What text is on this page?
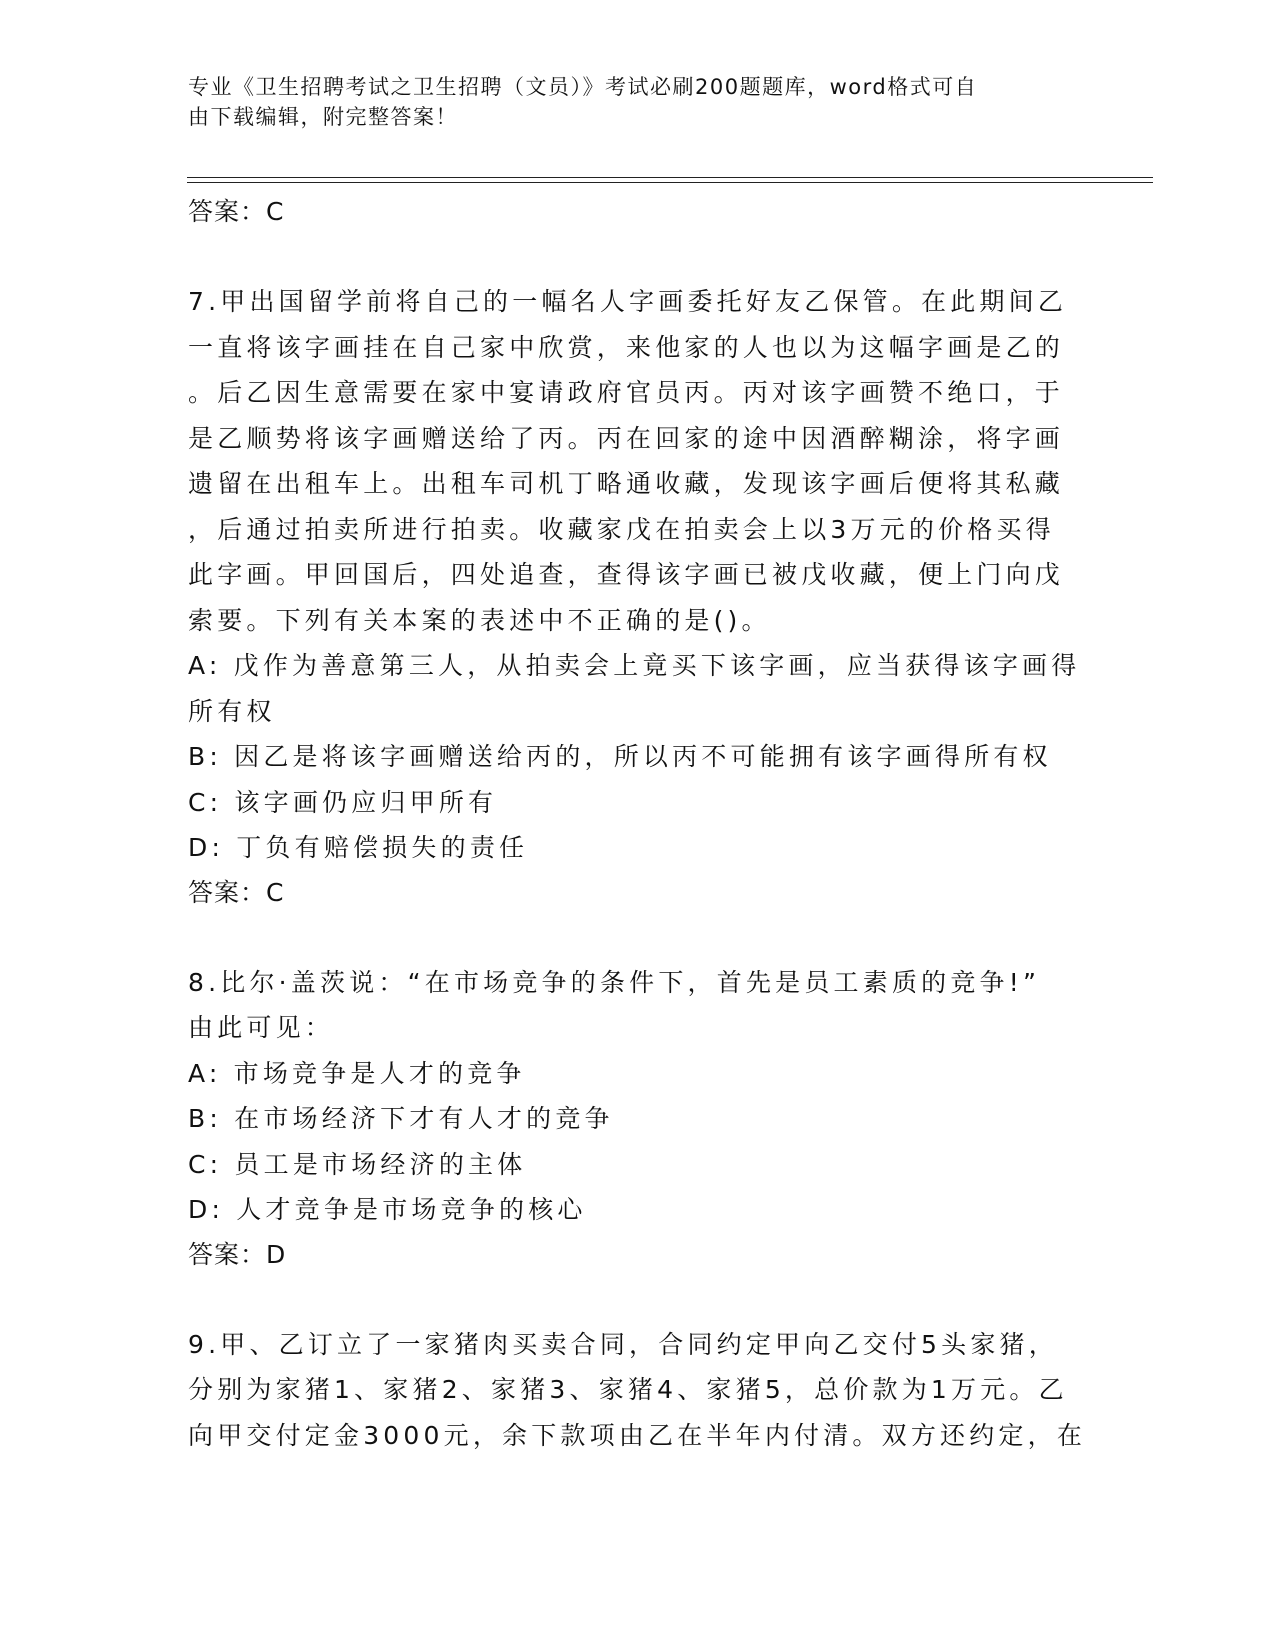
专业《卫生招聘考试之卫生招聘（文员）》考试必刷200题题库，word格式可自
由下载编辑，附完整答案！

答案：C

7.甲出国留学前将自己的一幅名人字画委托好友乙保管。在此期间乙

一直将该字画挂在自己家中欣赏，来他家的人也以为这幅字画是乙的

。后乙因生意需要在家中宴请政府官员丙。丙对该字画赞不绝口，于

是乙顺势将该字画赠送给了丙。丙在回家的途中因酒醉糊涂，将字画

遗留在出租车上。出租车司机丁略通收藏，发现该字画后便将其私藏

，后通过拍卖所进行拍卖。收藏家戊在拍卖会上以3万元的价格买得

此字画。甲回国后，四处追查，查得该字画已被戊收藏，便上门向戊

索要。下列有关本案的表述中不正确的是()。

A: 戊作为善意第三人，从拍卖会上竟买下该字画，应当获得该字画得

所有权

B: 因乙是将该字画赠送给丙的，所以丙不可能拥有该字画得所有权

C: 该字画仍应归甲所有

D: 丁负有赔偿损失的责任

答案：C

8.比尔·盖茨说：“在市场竞争的条件下，首先是员工素质的竞争!”

由此可见：

A: 市场竞争是人才的竞争

B: 在市场经济下才有人才的竞争

C: 员工是市场经济的主体

D: 人才竞争是市场竞争的核心

答案：D

9.甲、乙订立了一家猪肉买卖合同，合同约定甲向乙交付5头家猪，

分别为家猪1、家猪2、家猪3、家猪4、家猪5，总价款为1万元。乙

向甲交付定金3000元，余下款项由乙在半年内付清。双方还约定，在
